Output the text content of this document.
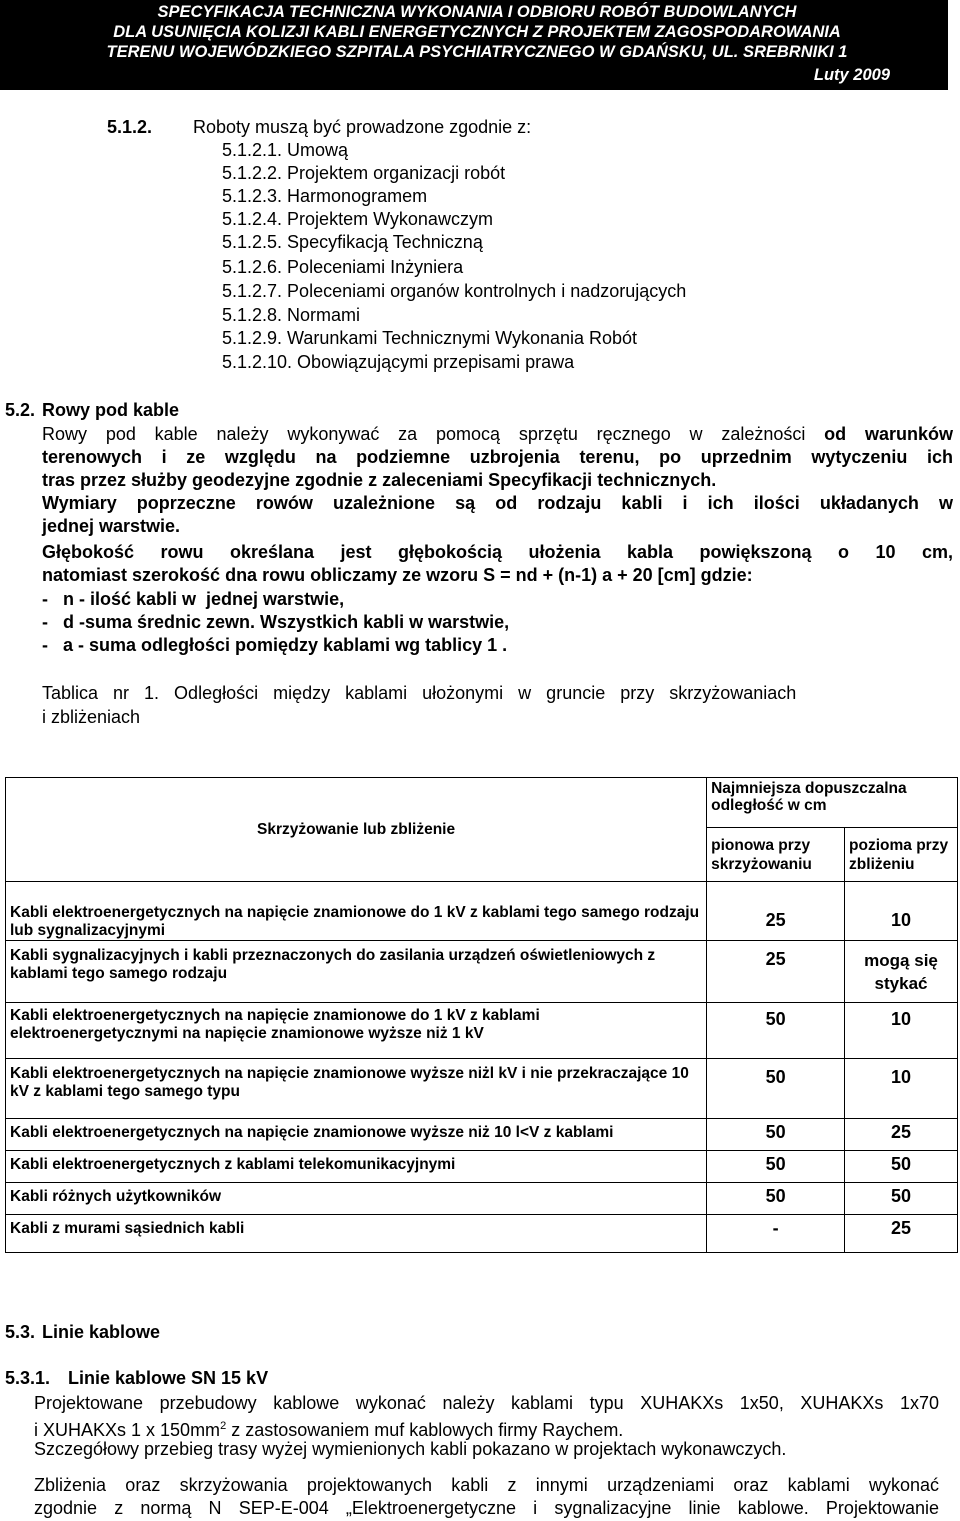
SPECYFIKACJA TECHNICZNA WYKONANIA I ODBIORU ROBÓT BUDOWLANYCH
DLA USUNIĘCIA KOLIZJI KABLI ENERGETYCZNYCH Z PROJEKTEM ZAGOSPODAROWANIA
TERENU WOJEWÓDZKIEGO SZPITALA PSYCHIATRYCZNEGO W GDAŃSKU, UL. SREBRNIKI 1
Luty 2009
5.1.2. Roboty muszą być prowadzone zgodnie z:
5.1.2.1. Umową
5.1.2.2. Projektem organizacji robót
5.1.2.3. Harmonogramem
5.1.2.4. Projektem Wykonawczym
5.1.2.5. Specyfikacją Techniczną
5.1.2.6. Poleceniami Inżyniera
5.1.2.7. Poleceniami organów kontrolnych i nadzorujących
5.1.2.8. Normami
5.1.2.9. Warunkami Technicznymi Wykonania Robót
5.1.2.10. Obowiązującymi przepisami prawa
5.2. Rowy pod kable
Rowy pod kable należy wykonywać za pomocą sprzętu ręcznego w zależności od warunków
terenowych i ze względu na podziemne uzbrojenia terenu, po uprzednim wytyczeniu ich
tras przez służby geodezyjne zgodnie z zaleceniami Specyfikacji technicznych.
Wymiary poprzeczne rowów uzależnione są od rodzaju kabli i ich ilości układanych w
jednej warstwie.
Głębokość rowu określana jest głębokością ułożenia kabla powiększoną o 10 cm,
natomiast szerokość dna rowu obliczamy ze wzoru S = nd + (n-1) a + 20 [cm] gdzie:
-   n - ilość kabli w  jednej warstwie,
-   d -suma średnic zewn. Wszystkich kabli w warstwie,
-   a - suma odległości pomiędzy kablami wg tablicy 1 .
Tablica   nr   1.   Odległości   między   kablami   ułożonymi   w   gruncie   przy   skrzyżowaniach
i zbliżeniach
Skrzyżowanie lub zbliżenie	Najmniejsza dopuszczalna odległość w cm	
	pionowa przy skrzyżowaniu	pozioma przy zbliżeniu
Kabli elektroenergetycznych na napięcie znamionowe do 1 kV z kablami tego samego rodzaju lub sygnalizacyjnymi	25	10
Kabli sygnalizacyjnych i kabli przeznaczonych do zasilania urządzeń oświetleniowych z kablami tego samego rodzaju	25	mogą się stykać
Kabli elektroenergetycznych na napięcie znamionowe do 1 kV z kablami elektroenergetycznymi na napięcie znamionowe wyższe niż 1 kV	50	10
Kabli elektroenergetycznych na napięcie znamionowe wyższe niżl kV i nie przekraczające 10 kV z kablami tego samego typu	50	10
Kabli elektroenergetycznych na napięcie znamionowe wyższe niż 10 l<V z kablami	50	25
Kabli elektroenergetycznych z kablami telekomunikacyjnymi	50	50
Kabli różnych użytkowników	50	50
Kabli z murami sąsiednich kabli	-	25
5.3. Linie kablowe
5.3.1. Linie kablowe SN 15 kV
Projektowane przebudowy kablowe wykonać należy kablami typu XUHAKXs 1x50, XUHAKXs 1x70
i XUHAKXs 1 x $150mm^2$ z zastosowaniem muf kablowych firmy Raychem.
Szczegółowy przebieg trasy wyżej wymienionych kabli pokazano w projektach wykonawczych.
Zbliżenia oraz skrzyżowania projektowanych kabli z innymi urządzeniami oraz kablami wykonać
zgodnie z normą N SEP-E-004 „Elektroenergetyczne i sygnalizacyjne linie kablowe. Projektowanie
